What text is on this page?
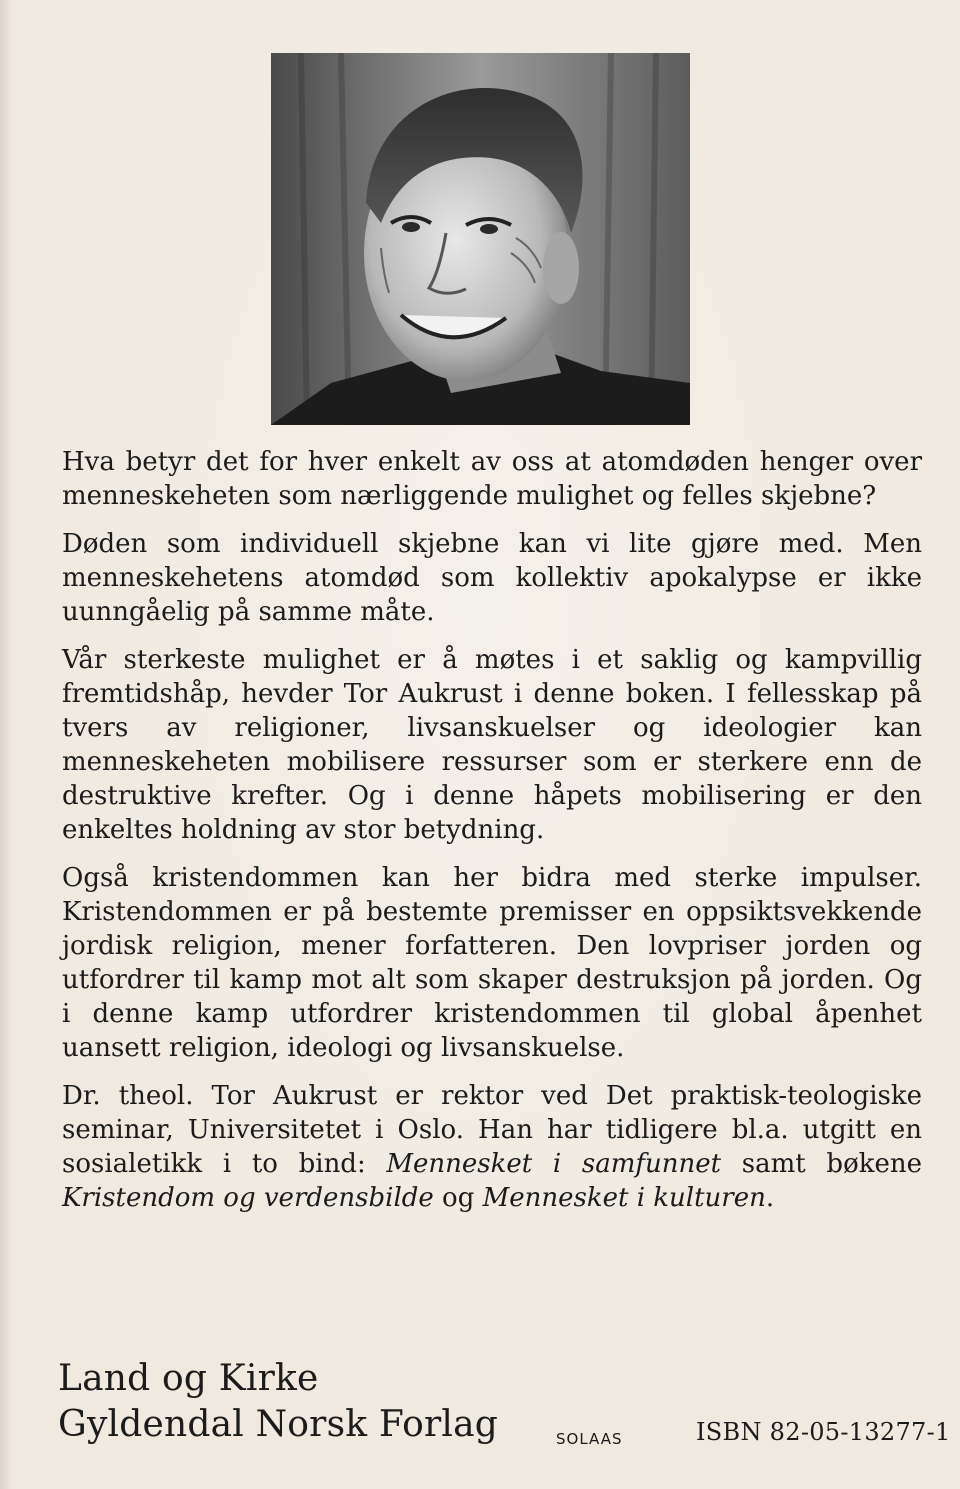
Hva betyr det for hver enkelt av oss at atomdøden henger over menneskeheten som nærliggende mulighet og felles skjebne?

Døden som individuell skjebne kan vi lite gjøre med. Men menneskehetens atomdød som kollektiv apokalypse er ikke uunngåelig på samme måte.

Vår sterkeste mulighet er å møtes i et saklig og kampvillig fremtidshåp, hevder Tor Aukrust i denne boken. I fellesskap på tvers av religioner, livsanskuelser og ideologier kan menneskeheten mobilisere ressurser som er sterkere enn de destruktive krefter. Og i denne håpets mobilisering er den enkeltes holdning av stor betydning.

Også kristendommen kan her bidra med sterke impulser. Kristendommen er på bestemte premisser en oppsiktsvekkende jordisk religion, mener forfatteren. Den lovpriser jorden og utfordrer til kamp mot alt som skaper destruksjon på jorden. Og i denne kamp utfordrer kristendommen til global åpenhet uansett religion, ideologi og livsanskuelse.

Dr. theol. Tor Aukrust er rektor ved Det praktisk-teologiske seminar, Universitetet i Oslo. Han har tidligere bl.a. utgitt en sosialetikk i to bind: Mennesket i samfunnet samt bøkene Kristendom og verdensbilde og Mennesket i kulturen.

Land og Kirke
Gyldendal Norsk Forlag	SOLAAS	ISBN 82-05-13277-1
